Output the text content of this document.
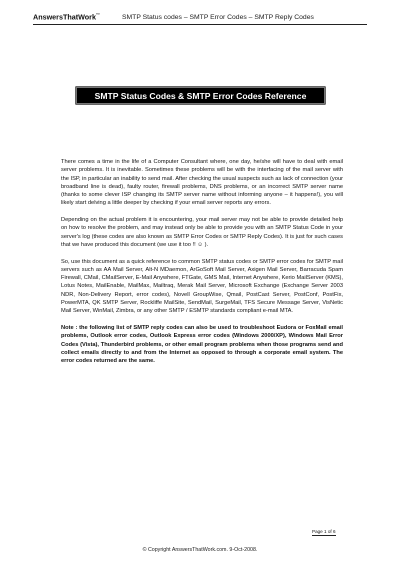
AnswersThatWork™	SMTP Status codes – SMTP Error Codes – SMTP Reply Codes
SMTP Status Codes & SMTP Error Codes Reference

There comes a time in the life of a Computer Consultant where, one day, he/she will have to deal with email server problems. It is inevitable. Sometimes these problems will be with the interfacing of the mail server with the ISP, in particular an inability to send mail. After checking the usual suspects such as lack of connection (your broadband line is dead), faulty router, firewall problems, DNS problems, or an incorrect SMTP server name (thanks to some clever ISP changing its SMTP server name without informing anyone – it happens!), you will likely start delving a little deeper by checking if your email server reports any errors.

Depending on the actual problem it is encountering, your mail server may not be able to provide detailed help on how to resolve the problem, and may instead only be able to provide you with an SMTP Status Code in your server's log (these codes are also known as SMTP Error Codes or SMTP Reply Codes). It is just for such cases that we have produced this document (we use it too !! ☺ ).

So, use this document as a quick reference to common SMTP status codes or SMTP error codes for SMTP mail servers such as AA Mail Server, Alt-N MDaemon, ArGoSoft Mail Server, Axigen Mail Server, Barracuda Spam Firewall, CMail, CMailServer, E-Mail Anywhere, FTGate, GMS Mail, Internet Anywhere, Kerio MailServer (KMS), Lotus Notes, MailEnable, MailMax, Mailtraq, Merak Mail Server, Microsoft Exchange (Exchange Server 2003 NDR, Non-Delivery Report, error codes), Novell GroupWise, Qmail, PostCast Server, PostConf, PostFix, PowerMTA, QK SMTP Server, Rockliffe MailSite, SendMail, SurgeMail, TFS Secure Message Server, VisNetic Mail Server, WinMail, Zimbra, or any other SMTP / ESMTP standards compliant e-mail MTA.

Note : the following list of SMTP reply codes can also be used to troubleshoot Eudora or FoxMail email problems, Outlook error codes, Outlook Express error codes (Windows 2000/XP), Windows Mail Error Codes (Vista), Thunderbird problems, or other email program problems when those programs send and collect emails directly to and from the Internet as opposed to through a corporate email system. The error codes returned are the same.

Page 1 of 6
© Copyright AnswersThatWork.com. 9-Oct-2008.
